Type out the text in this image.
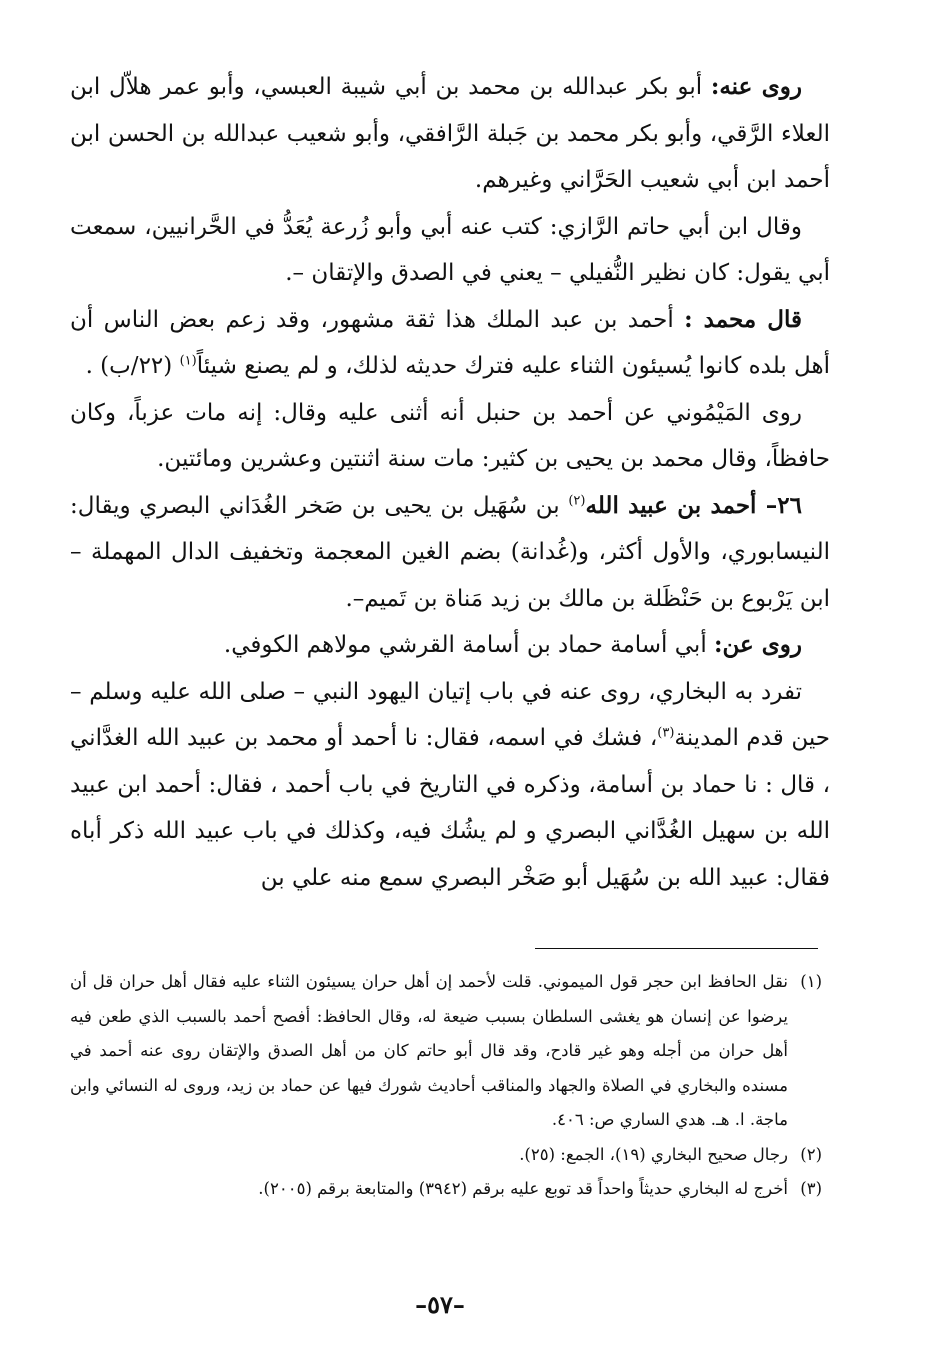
روى عنه: أبو بكر عبدالله بن محمد بن أبي شيبة العبسي، وأبو عمر هلاّل ابن العلاء الرَّقي، وأبو بكر محمد بن جَبلة الرَّافقي، وأبو شعيب عبدالله بن الحسن ابن أحمد ابن أبي شعيب الحَرَّاني وغيرهم.

وقال ابن أبي حاتم الرَّازي: كتب عنه أبي وأبو زُرعة يُعَدُّ في الحَّرانيين، سمعت أبي يقول: كان نظير النُّفيلي – يعني في الصدق والإتقان –.

قال محمد : أحمد بن عبد الملك هذا ثقة مشهور، وقد زعم بعض الناس أن أهل بلده كانوا يُسيئون الثناء عليه فترك حديثه لذلك، و لم يصنع شيئاً$^{(١)}$ (٢٢/ب) .

روى المَيْمُوني عن أحمد بن حنبل أنه أثنى عليه وقال: إنه مات عزباً، وكان حافظاً، وقال محمد بن يحيى بن كثير: مات سنة اثنتين وعشرين ومائتين.

٢٦– أحمد بن عبيد الله$^{(٢)}$ بن سُهَيل بن يحيى بن صَخر الغُدَاني البصري ويقال: النيسابوري، والأول أكثر، و(غُدانة) بضم الغين المعجمة وتخفيف الدال المهملة –ابن يَرْبوع بن حَنْظَلة بن مالك بن زيد مَناة بن تَميم–.

روى عن: أبي أسامة حماد بن أسامة القرشي مولاهم الكوفي.

تفرد به البخاري، روى عنه في باب إتيان اليهود النبي – صلى الله عليه وسلم – حين قدم المدينة$^{(٣)}$، فشك في اسمه، فقال: نا أحمد أو محمد بن عبيد الله الغدَّاني ، قال : نا حماد بن أسامة، وذكره في التاريخ في باب أحمد ، فقال: أحمد ابن عبيد الله بن سهيل الغُدَّاني البصري و لم يشُك فيه، وكذلك في باب عبيد الله ذكر أباه فقال: عبيد الله بن سُهَيل أبو صَخْر البصري سمع منه علي بن

(١)
نقل الحافظ ابن حجر قول الميموني. قلت لأحمد إن أهل حران يسيئون الثناء عليه فقال أهل حران قل أن يرضوا عن إنسان هو يغشى السلطان بسبب ضيعة له، وقال الحافظ: أفصح أحمد بالسبب الذي طعن فيه أهل حران من أجله وهو غير قادح، وقد قال أبو حاتم كان من أهل الصدق والإتقان روى عنه أحمد في مسنده والبخاري في الصلاة والجهاد والمناقب أحاديث شورك فيها عن حماد بن زيد، وروى له النسائي وابن ماجة. ا. هـ. هدي الساري ص: ٤٠٦.

(٢)
رجال صحيح البخاري (١٩)، الجمع: (٢٥).

(٣)
أخرج له البخاري حديثاً واحداً قد توبع عليه برقم (٣٩٤٢) والمتابعة برقم (٢٠٠٥).

–٥٧–
